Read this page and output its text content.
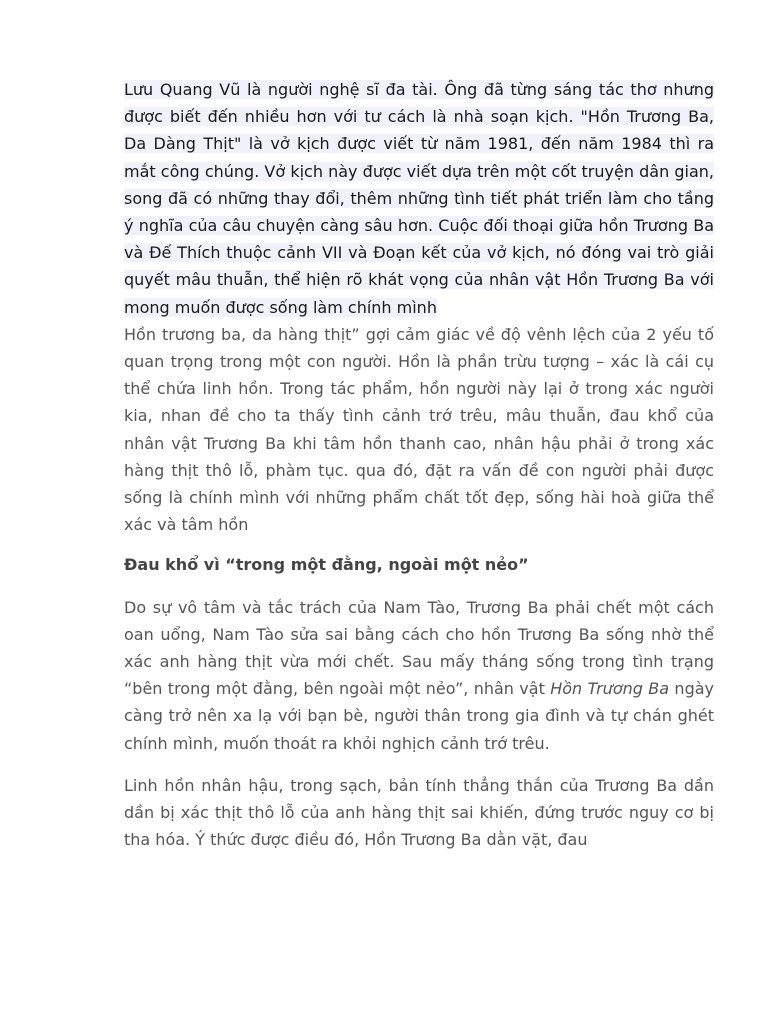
Lưu Quang Vũ là người nghệ sĩ đa tài. Ông đã từng sáng tác thơ nhưng được biết đến nhiều hơn với tư cách là nhà soạn kịch. "Hồn Trương Ba, Da Dàng Thịt" là vở kịch được viết từ năm 1981, đến năm 1984 thì ra mắt công chúng. Vở kịch này được viết dựa trên một cốt truyện dân gian, song đã có những thay đổi, thêm những tình tiết phát triển làm cho tầng ý nghĩa của câu chuyện càng sâu hơn. Cuộc đối thoại giữa hồn Trương Ba và Đế Thích thuộc cảnh VII và Đoạn kết của vở kịch, nó đóng vai trò giải quyết mâu thuẫn, thể hiện rõ khát vọng của nhân vật Hồn Trương Ba với mong muốn được sống làm chính mình

Hồn trương ba, da hàng thịt” gợi cảm giác về độ vênh lệch của 2 yếu tố quan trọng trong một con người. Hồn là phần trừu tượng – xác là cái cụ thể chứa linh hồn. Trong tác phẩm, hồn người này lại ở trong xác người kia, nhan đề cho ta thấy tình cảnh trớ trêu, mâu thuẫn, đau khổ của nhân vật Trương Ba khi tâm hồn thanh cao, nhân hậu phải ở trong xác hàng thịt thô lỗ, phàm tục. qua đó, đặt ra vấn đề con người phải được sống là chính mình với những phẩm chất tốt đẹp, sống hài hoà giữa thể xác và tâm hồn

Đau khổ vì “trong một đằng, ngoài một nẻo”

Do sự vô tâm và tắc trách của Nam Tào, Trương Ba phải chết một cách oan uổng, Nam Tào sửa sai bằng cách cho hồn Trương Ba sống nhờ thể xác anh hàng thịt vừa mới chết. Sau mấy tháng sống trong tình trạng “bên trong một đằng, bên ngoài một nẻo”, nhân vật Hồn Trương Ba ngày càng trở nên xa lạ với bạn bè, người thân trong gia đình và tự chán ghét chính mình, muốn thoát ra khỏi nghịch cảnh trớ trêu.

Linh hồn nhân hậu, trong sạch, bản tính thẳng thắn của Trương Ba dần dần bị xác thịt thô lỗ của anh hàng thịt sai khiến, đứng trước nguy cơ bị tha hóa. Ý thức được điều đó, Hồn Trương Ba dằn vặt, đau
